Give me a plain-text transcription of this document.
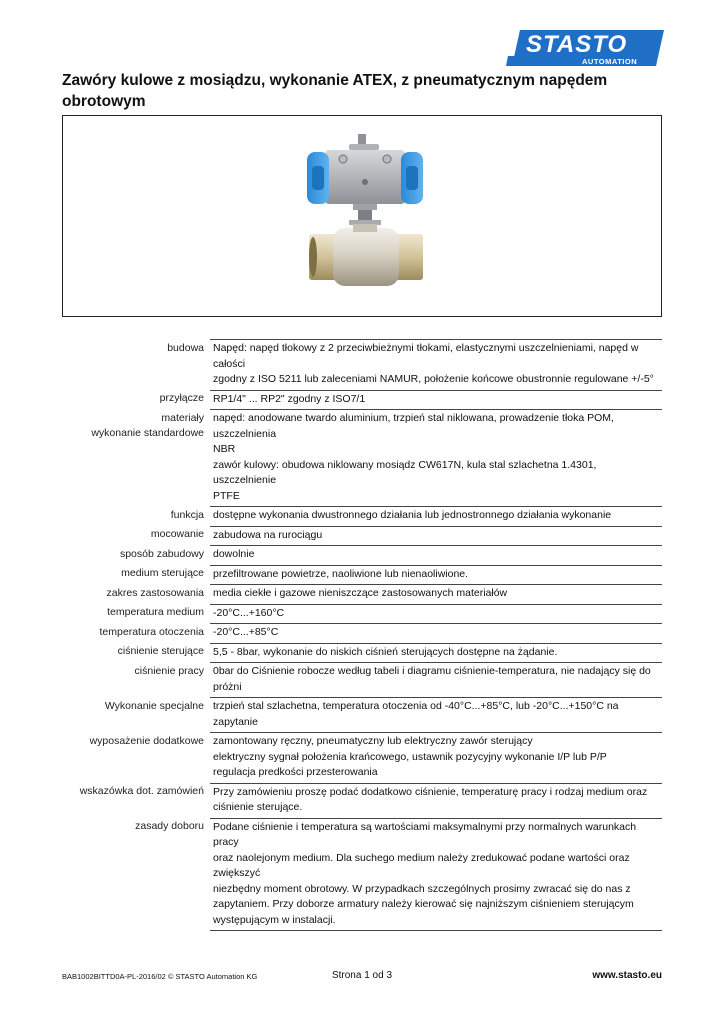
STASTO
AUTOMATION
Zawóry kulowe z mosiądzu, wykonanie ATEX, z pneumatycznym napędem obrotowym
budowa	Napęd: napęd tłokowy z 2 przeciwbieżnymi tłokami, elastycznymi uszczelnieniami, napęd w całości
zgodny z ISO 5211 lub zaleceniami NAMUR, położenie końcowe obustronnie regulowane +/-5°

przyłącze	RP1/4" ... RP2" zgodny z ISO7/1

materiały
wykonanie standardowe	napęd: anodowane twardo aluminium, trzpień stal niklowana, prowadzenie tłoka POM, uszczelnienia
NBR
zawór kulowy: obudowa niklowany mosiądz CW617N, kula stal szlachetna 1.4301, uszczelnienie
PTFE

funkcja	dostępne wykonania dwustronnego działania lub jednostronnego działania wykonanie

mocowanie	zabudowa na rurociągu

sposób zabudowy	dowolnie

medium sterujące	przefiltrowane powietrze, naoliwione lub nienaoliwione.

zakres zastosowania	media ciekłe i gazowe nieniszczące zastosowanych materiałów

temperatura medium	-20°C...+160°C

temperatura otoczenia	-20°C...+85°C

ciśnienie sterujące	5,5 - 8bar, wykonanie do niskich ciśnień sterujących dostępne na żądanie.

ciśnienie pracy	0bar do Ciśnienie robocze według tabeli i diagramu ciśnienie-temperatura, nie nadający się do próżni

Wykonanie specjalne	trzpień stal szlachetna, temperatura otoczenia od -40°C...+85°C, lub -20°C...+150°C na zapytanie

wyposażenie dodatkowe	zamontowany ręczny, pneumatyczny lub elektryczny zawór sterujący
elektryczny sygnał położenia krańcowego, ustawnik pozycyjny wykonanie I/P lub P/P
regulacja predkości przesterowania

wskazówka dot. zamówień	Przy zamówieniu proszę podać dodatkowo ciśnienie, temperaturę pracy i rodzaj medium oraz
ciśnienie sterujące.

zasady doboru	Podane ciśnienie i temperatura są wartościami maksymalnymi przy normalnych warunkach pracy
oraz naolejonym medium. Dla suchego medium należy zredukować podane wartości oraz zwiększyć
niezbędny moment obrotowy. W przypadkach szczególnych prosimy zwracać się do nas z
zapytaniem. Przy doborze armatury należy kierować się najniższym ciśnieniem sterującym
występującym w instalacji.
BAB1002BITTD0A-PL-2016/02 © STASTO Automation KG	Strona 1 od 3	www.stasto.eu
